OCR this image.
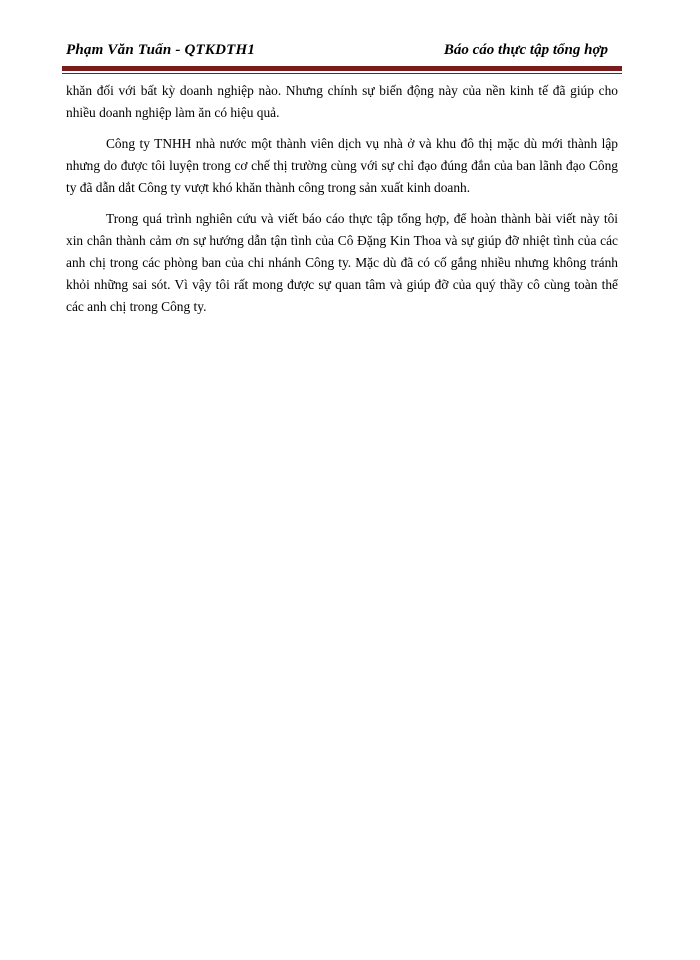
Phạm Văn Tuấn - QTKDTH1	Báo cáo thực tập tổng hợp

khăn đối với bất kỳ doanh nghiệp nào. Nhưng chính sự biến động này của nền kinh tế đã giúp cho nhiều doanh nghiệp làm ăn có hiệu quả.

Công ty TNHH nhà nước một thành viên dịch vụ nhà ở và khu đô thị mặc dù mới thành lập nhưng do được tôi luyện trong cơ chế thị trường cùng với sự chỉ đạo đúng đắn của ban lãnh đạo Công ty đã dẫn dắt Công ty vượt khó khăn thành công trong sản xuất kinh doanh.

Trong quá trình nghiên cứu và viết báo cáo thực tập tổng hợp, để hoàn thành bài viết này tôi xin chân thành cảm ơn sự hướng dẫn tận tình của Cô Đặng Kin Thoa và sự giúp đỡ nhiệt tình của các anh chị trong các phòng ban của chi nhánh Công ty. Mặc dù đã có cố gắng nhiều nhưng không tránh khỏi những sai sót. Vì vậy tôi rất mong được sự quan tâm và giúp đỡ của quý thầy cô cùng toàn thể các anh chị trong Công ty.
